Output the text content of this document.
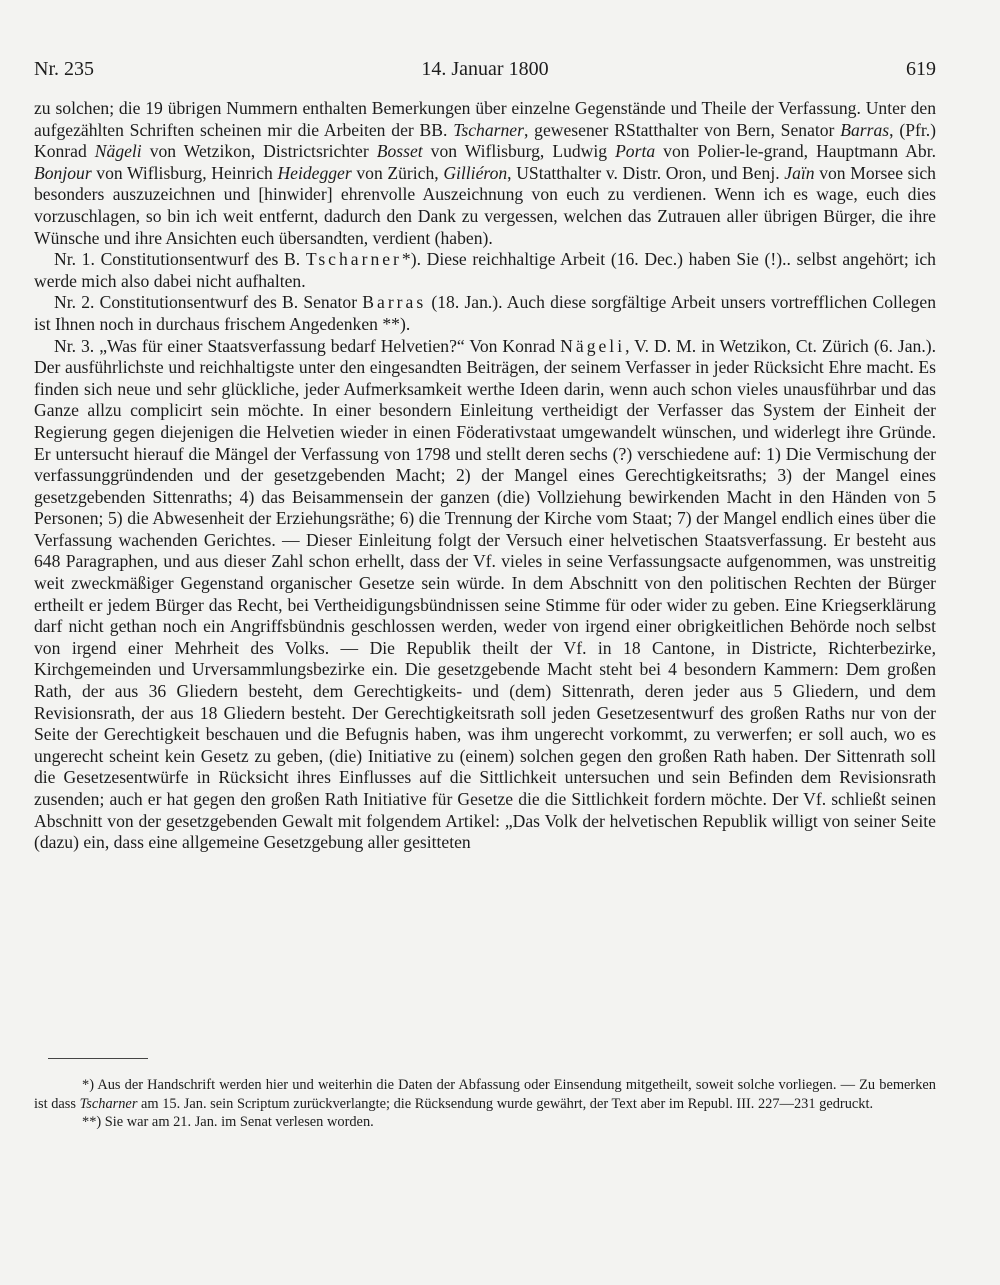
Nr. 235	14. Januar 1800	619

zu solchen; die 19 übrigen Nummern enthalten Bemerkungen über einzelne Gegenstände und Theile der Verfassung. Unter den aufgezählten Schriften scheinen mir die Arbeiten der BB. Tscharner, gewesener RStatthalter von Bern, Senator Barras, (Pfr.) Konrad Nägeli von Wetzikon, Districtsrichter Bosset von Wiflisburg, Ludwig Porta von Polier-le-grand, Hauptmann Abr. Bonjour von Wiflisburg, Heinrich Heidegger von Zürich, Gilliéron, UStatthalter v. Distr. Oron, und Benj. Jaïn von Morsee sich besonders auszuzeichnen und [hinwider] ehrenvolle Auszeichnung von euch zu verdienen. Wenn ich es wage, euch dies vorzuschlagen, so bin ich weit entfernt, dadurch den Dank zu vergessen, welchen das Zutrauen aller übrigen Bürger, die ihre Wünsche und ihre Ansichten euch übersandten, verdient (haben).

Nr. 1. Constitutionsentwurf des B. Tscharner*). Diese reichhaltige Arbeit (16. Dec.) haben Sie (!).. selbst angehört; ich werde mich also dabei nicht aufhalten.

Nr. 2. Constitutionsentwurf des B. Senator Barras (18. Jan.). Auch diese sorgfältige Arbeit unsers vortrefflichen Collegen ist Ihnen noch in durchaus frischem Angedenken **).

Nr. 3. „Was für einer Staatsverfassung bedarf Helvetien?“ Von Konrad Nägeli, V. D. M. in Wetzikon, Ct. Zürich (6. Jan.). Der ausführlichste und reichhaltigste unter den eingesandten Beiträgen, der seinem Verfasser in jeder Rücksicht Ehre macht. Es finden sich neue und sehr glückliche, jeder Aufmerksamkeit werthe Ideen darin, wenn auch schon vieles unausführbar und das Ganze allzu complicirt sein möchte. In einer besondern Einleitung vertheidigt der Verfasser das System der Einheit der Regierung gegen diejenigen die Helvetien wieder in einen Föderativstaat umgewandelt wünschen, und widerlegt ihre Gründe. Er untersucht hierauf die Mängel der Verfassung von 1798 und stellt deren sechs (?) verschiedene auf: 1) Die Vermischung der verfassunggründenden und der gesetzgebenden Macht; 2) der Mangel eines Gerechtigkeitsraths; 3) der Mangel eines gesetzgebenden Sittenraths; 4) das Beisammensein der ganzen (die) Vollziehung bewirkenden Macht in den Händen von 5 Personen; 5) die Abwesenheit der Erziehungsräthe; 6) die Trennung der Kirche vom Staat; 7) der Mangel endlich eines über die Verfassung wachenden Gerichtes. — Dieser Einleitung folgt der Versuch einer helvetischen Staatsverfassung. Er besteht aus 648 Paragraphen, und aus dieser Zahl schon erhellt, dass der Vf. vieles in seine Verfassungsacte aufgenommen, was unstreitig weit zweckmäßiger Gegenstand organischer Gesetze sein würde. In dem Abschnitt von den politischen Rechten der Bürger ertheilt er jedem Bürger das Recht, bei Vertheidigungsbündnissen seine Stimme für oder wider zu geben. Eine Kriegserklärung darf nicht gethan noch ein Angriffsbündnis geschlossen werden, weder von irgend einer obrigkeitlichen Behörde noch selbst von irgend einer Mehrheit des Volks. — Die Republik theilt der Vf. in 18 Cantone, in Districte, Richterbezirke, Kirchgemeinden und Urversammlungsbezirke ein. Die gesetzgebende Macht steht bei 4 besondern Kammern: Dem großen Rath, der aus 36 Gliedern besteht, dem Gerechtigkeits- und (dem) Sittenrath, deren jeder aus 5 Gliedern, und dem Revisionsrath, der aus 18 Gliedern besteht. Der Gerechtigkeitsrath soll jeden Gesetzesentwurf des großen Raths nur von der Seite der Gerechtigkeit beschauen und die Befugnis haben, was ihm ungerecht vorkommt, zu verwerfen; er soll auch, wo es ungerecht scheint kein Gesetz zu geben, (die) Initiative zu (einem) solchen gegen den großen Rath haben. Der Sittenrath soll die Gesetzesentwürfe in Rücksicht ihres Einflusses auf die Sittlichkeit untersuchen und sein Befinden dem Revisionsrath zusenden; auch er hat gegen den großen Rath Initiative für Gesetze die die Sittlichkeit fordern möchte. Der Vf. schließt seinen Abschnitt von der gesetzgebenden Gewalt mit folgendem Artikel: „Das Volk der helvetischen Republik willigt von seiner Seite (dazu) ein, dass eine allgemeine Gesetzgebung aller gesitteten

*) Aus der Handschrift werden hier und weiterhin die Daten der Abfassung oder Einsendung mitgetheilt, soweit solche vorliegen. — Zu bemerken ist dass Tscharner am 15. Jan. sein Scriptum zurückverlangte; die Rücksendung wurde gewährt, der Text aber im Republ. III. 227—231 gedruckt.

**) Sie war am 21. Jan. im Senat verlesen worden.
